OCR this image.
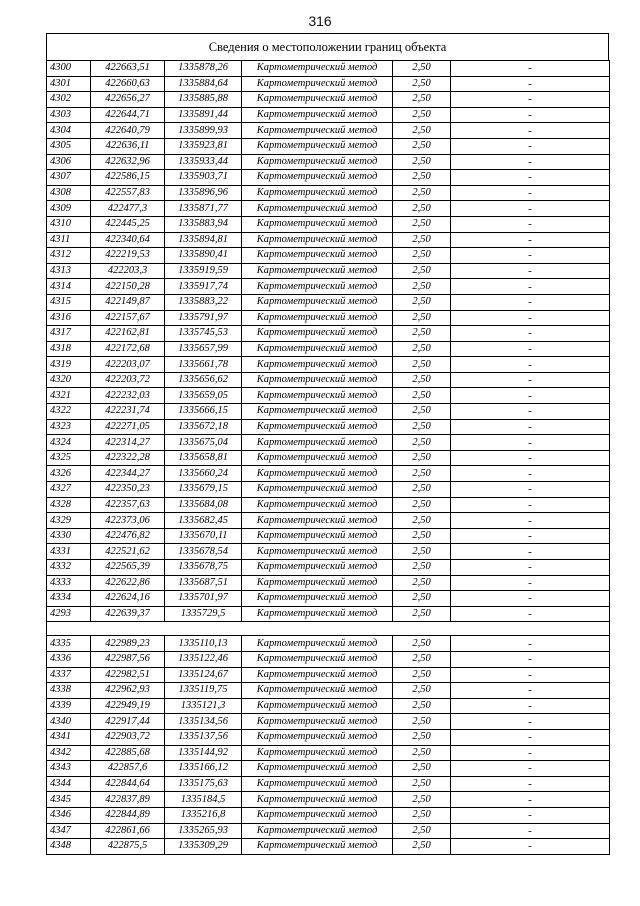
316
Сведения о местоположении границ объекта
4300	422663,51	1335878,26	Картометрический метод	2,50	-
4301	422660,63	1335884,64	Картометрический метод	2,50	-
4302	422656,27	1335885,88	Картометрический метод	2,50	-
4303	422644,71	1335891,44	Картометрический метод	2,50	-
4304	422640,79	1335899,93	Картометрический метод	2,50	-
4305	422636,11	1335923,81	Картометрический метод	2,50	-
4306	422632,96	1335933,44	Картометрический метод	2,50	-
4307	422586,15	1335903,71	Картометрический метод	2,50	-
4308	422557,83	1335896,96	Картометрический метод	2,50	-
4309	422477,3	1335871,77	Картометрический метод	2,50	-
4310	422445,25	1335883,94	Картометрический метод	2,50	-
4311	422340,64	1335894,81	Картометрический метод	2,50	-
4312	422219,53	1335890,41	Картометрический метод	2,50	-
4313	422203,3	1335919,59	Картометрический метод	2,50	-
4314	422150,28	1335917,74	Картометрический метод	2,50	-
4315	422149,87	1335883,22	Картометрический метод	2,50	-
4316	422157,67	1335791,97	Картометрический метод	2,50	-
4317	422162,81	1335745,53	Картометрический метод	2,50	-
4318	422172,68	1335657,99	Картометрический метод	2,50	-
4319	422203,07	1335661,78	Картометрический метод	2,50	-
4320	422203,72	1335656,62	Картометрический метод	2,50	-
4321	422232,03	1335659,05	Картометрический метод	2,50	-
4322	422231,74	1335666,15	Картометрический метод	2,50	-
4323	422271,05	1335672,18	Картометрический метод	2,50	-
4324	422314,27	1335675,04	Картометрический метод	2,50	-
4325	422322,28	1335658,81	Картометрический метод	2,50	-
4326	422344,27	1335660,24	Картометрический метод	2,50	-
4327	422350,23	1335679,15	Картометрический метод	2,50	-
4328	422357,63	1335684,08	Картометрический метод	2,50	-
4329	422373,06	1335682,45	Картометрический метод	2,50	-
4330	422476,82	1335670,11	Картометрический метод	2,50	-
4331	422521,62	1335678,54	Картометрический метод	2,50	-
4332	422565,39	1335678,75	Картометрический метод	2,50	-
4333	422622,86	1335687,51	Картометрический метод	2,50	-
4334	422624,16	1335701,97	Картометрический метод	2,50	-
4293	422639,37	1335729,5	Картометрический метод	2,50	-

4335	422989,23	1335110,13	Картометрический метод	2,50	-
4336	422987,56	1335122,46	Картометрический метод	2,50	-
4337	422982,51	1335124,67	Картометрический метод	2,50	-
4338	422962,93	1335119,75	Картометрический метод	2,50	-
4339	422949,19	1335121,3	Картометрический метод	2,50	-
4340	422917,44	1335134,56	Картометрический метод	2,50	-
4341	422903,72	1335137,56	Картометрический метод	2,50	-
4342	422885,68	1335144,92	Картометрический метод	2,50	-
4343	422857,6	1335166,12	Картометрический метод	2,50	-
4344	422844,64	1335175,63	Картометрический метод	2,50	-
4345	422837,89	1335184,5	Картометрический метод	2,50	-
4346	422844,89	1335216,8	Картометрический метод	2,50	-
4347	422861,66	1335265,93	Картометрический метод	2,50	-
4348	422875,5	1335309,29	Картометрический метод	2,50	-
